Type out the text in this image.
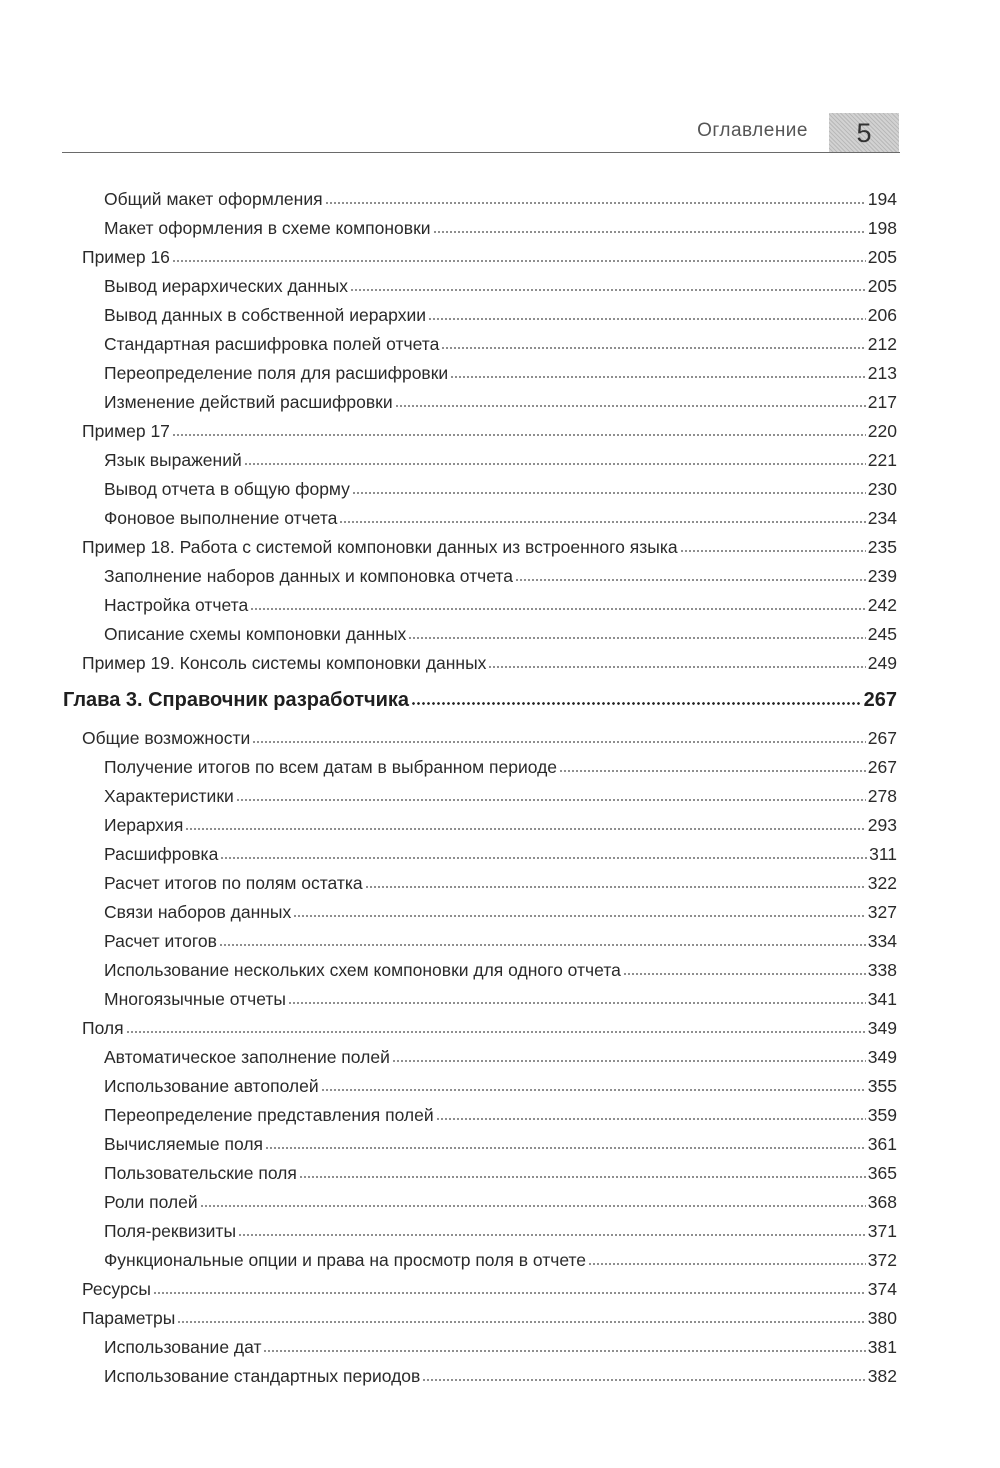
Оглавление	5
Общий макет оформления	194
Макет оформления в схеме компоновки	198
Пример 16	205
Вывод иерархических данных	205
Вывод данных в собственной иерархии	206
Стандартная расшифровка полей отчета	212
Переопределение поля для расшифровки	213
Изменение действий расшифровки	217
Пример 17	220
Язык выражений	221
Вывод отчета в общую форму	230
Фоновое выполнение отчета	234
Пример 18. Работа с системой компоновки данных из встроенного языка	235
Заполнение наборов данных и компоновка отчета	239
Настройка отчета	242
Описание схемы компоновки данных	245
Пример 19. Консоль системы компоновки данных	249
Глава 3. Справочник разработчика	267
Общие возможности	267
Получение итогов по всем датам в выбранном периоде	267
Характеристики	278
Иерархия	293
Расшифровка	311
Расчет итогов по полям остатка	322
Связи наборов данных	327
Расчет итогов	334
Использование нескольких схем компоновки для одного отчета	338
Многоязычные отчеты	341
Поля	349
Автоматическое заполнение полей	349
Использование автополей	355
Переопределение представления полей	359
Вычисляемые поля	361
Пользовательские поля	365
Роли полей	368
Поля-реквизиты	371
Функциональные опции и права на просмотр поля в отчете	372
Ресурсы	374
Параметры	380
Использование дат	381
Использование стандартных периодов	382
